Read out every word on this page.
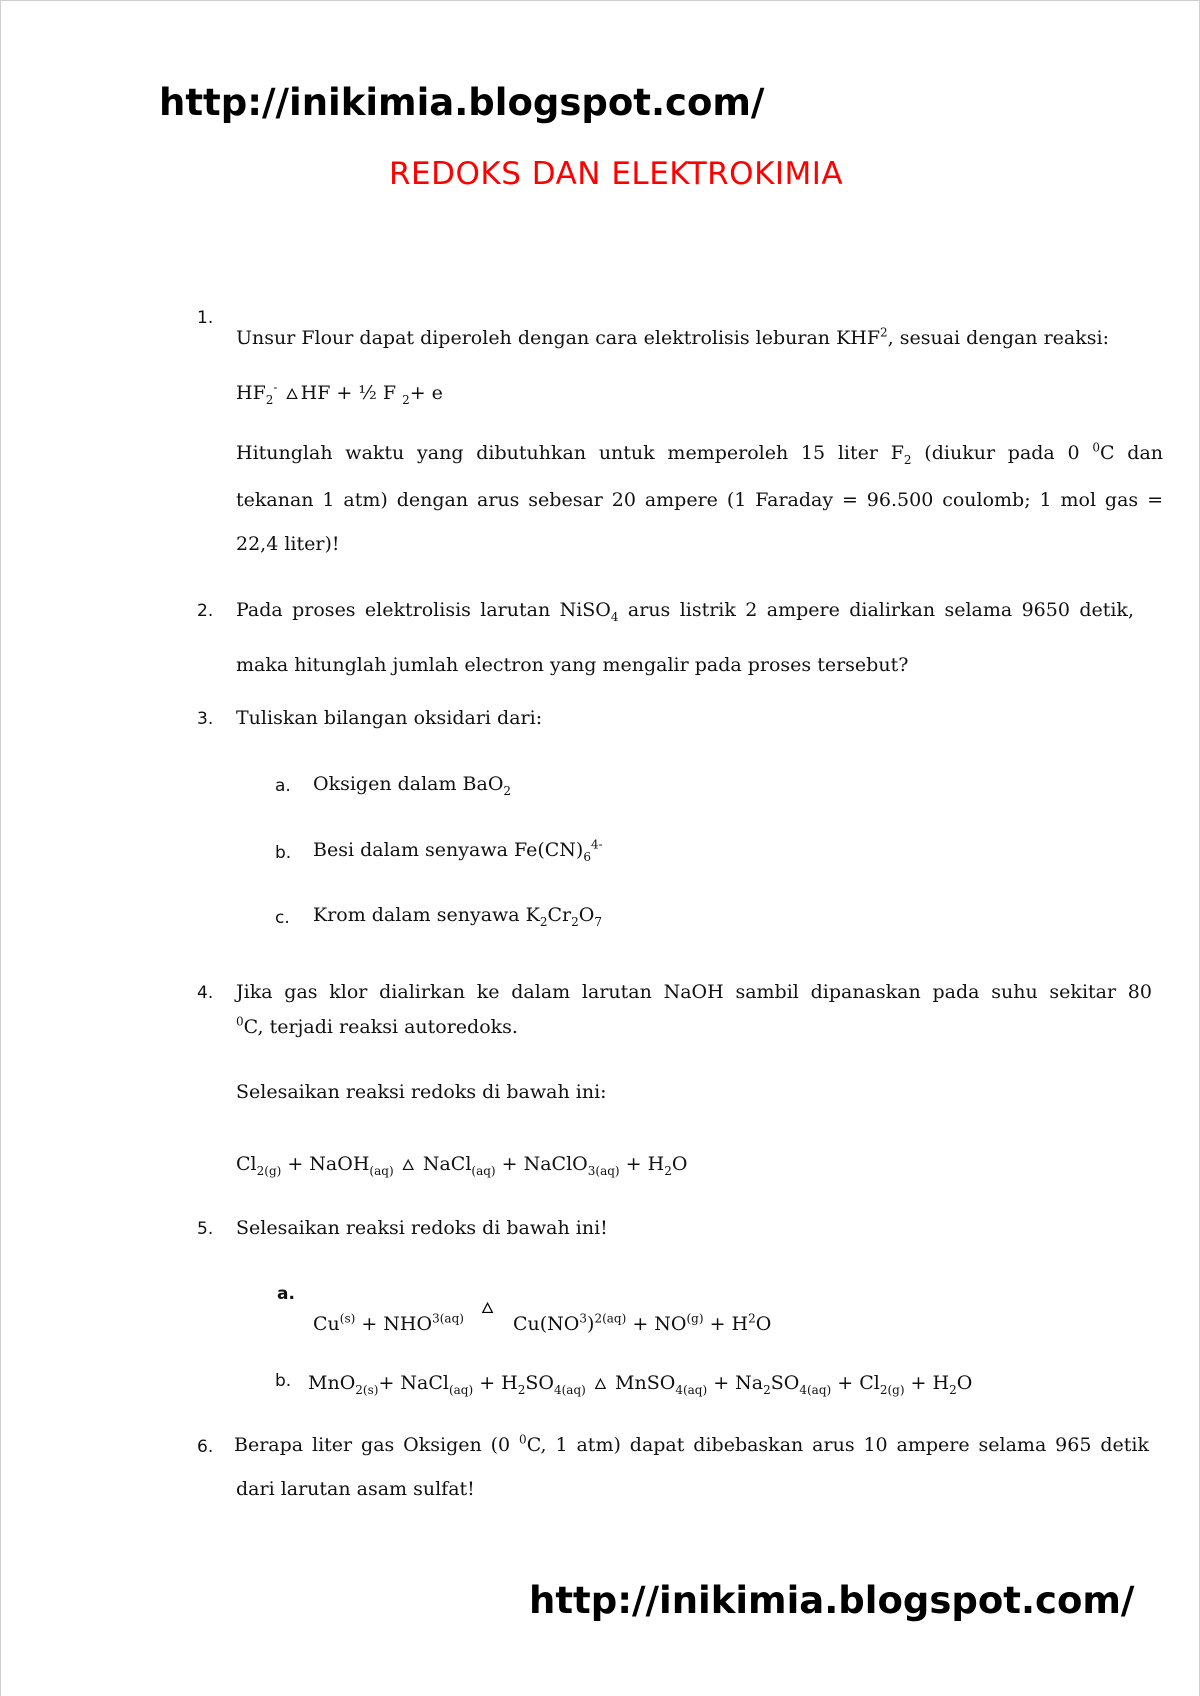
http://inikimia.blogspot.com/
REDOKS DAN ELEKTROKIMIA
1.
Unsur Flour dapat diperoleh dengan cara elektrolisis leburan KHF$^2$, sesuai dengan reaksi:
$HF_2^-$ 🜂 HF + ½ F $_2$+ e
Hitunglah waktu yang dibutuhkan untuk memperoleh 15 liter $F_2$ (diukur pada 0 $^0$C dan
tekanan 1 atm) dengan arus sebesar 20 ampere (1 Faraday = 96.500 coulomb; 1 mol gas =
22,4 liter)!
2. Pada proses elektrolisis larutan NiSO$_4$ arus listrik 2 ampere dialirkan selama 9650 detik,
maka hitunglah jumlah electron yang mengalir pada proses tersebut?
3. Tuliskan bilangan oksidari dari:
a. Oksigen dalam BaO$_2$
b. Besi dalam senyawa $Fe(CN)_6^{4-}$
c. Krom dalam senyawa $K_2Cr_2O_7$
4. Jika gas klor dialirkan ke dalam larutan NaOH sambil dipanaskan pada suhu sekitar 80
$^0$C, terjadi reaksi autoredoks.
Selesaikan reaksi redoks di bawah ini:
$Cl_{2(g)}$ + NaOH$_{(aq)}$ 🜂 NaCl$_{(aq)}$ + NaClO$_{3(aq)}$ + $H_2O$
5. Selesaikan reaksi redoks di bawah ini!
a.
🜂
$Cu^{(s)} + NHO^{3(aq)}$	$Cu(NO^3)^{2(aq)} + NO^{(g)} + H^2O$
b. MnO$_{2(s)}$+ NaCl$_{(aq)}$ + $H_2SO_{4(aq)}$ 🜂 MnSO$_{4(aq)}$ + $Na_2SO_{4(aq)} + Cl_{2(g)} + H_2O$
6. Berapa liter gas Oksigen (0 $^0$C, 1 atm) dapat dibebaskan arus 10 ampere selama 965 detik
dari larutan asam sulfat!
http://inikimia.blogspot.com/
